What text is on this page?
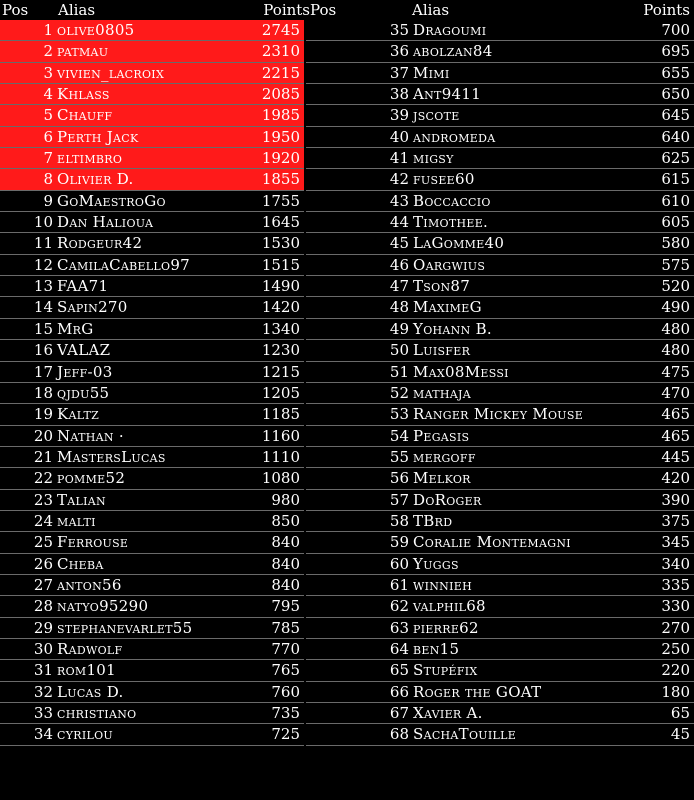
Pos Alias	Points
1 olive0805	2745
2 patmau	2310
3 vivien_lacroix	2215
4 Khlass	2085
5 Chauff	1985
6 Perth Jack	1950
7 eltimbro	1920
8 Olivier D.	1855
9 GoMaestroGo	1755
10 Dan Halioua	1645
11 Rodgeur42	1530
12 CamilaCabello97	1515
13 FAA71	1490
14 Sapin270	1420
15 MrG	1340
16 VALAZ	1230
17 Jeff-03	1215
18 qjdu55	1205
19 Kaltz	1185
20 Nathan ·	1160
21 MastersLucas	1110
22 pomme52	1080
23 Talian	980
24 malti	850
25 Ferrouse	840
26 Cheba	840
27 anton56	840
28 natyo95290	795
29 stephanevarlet55	785
30 Radwolf	770
31 rom101	765
32 Lucas D.	760
33 christiano	735
34 cyrilou	725
Pos	Alias	Points
35 Dragoumi	700
36 abolzan84	695
37 Mimi	655
38 Ant9411	650
39 jscote	645
40 andromeda	640
41 migsy	625
42 fusee60	615
43 Boccaccio	610
44 Timothee.	605
45 LaGomme40	580
46 Oargwius	575
47 Tson87	520
48 MaximeG	490
49 Yohann B.	480
50 Luisfer	480
51 Max08Messi	475
52 mathaja	470
53 Ranger Mickey Mouse	465
54 Pegasis	465
55 mergoff	445
56 Melkor	420
57 DoRoger	390
58 TBrd	375
59 Coralie Montemagni	345
60 Yuggs	340
61 winnieh	335
62 valphil68	330
63 pierre62	270
64 ben15	250
65 Stupéfix	220
66 Roger the GOAT	180
67 Xavier A.	65
68 SachaTouille	45
